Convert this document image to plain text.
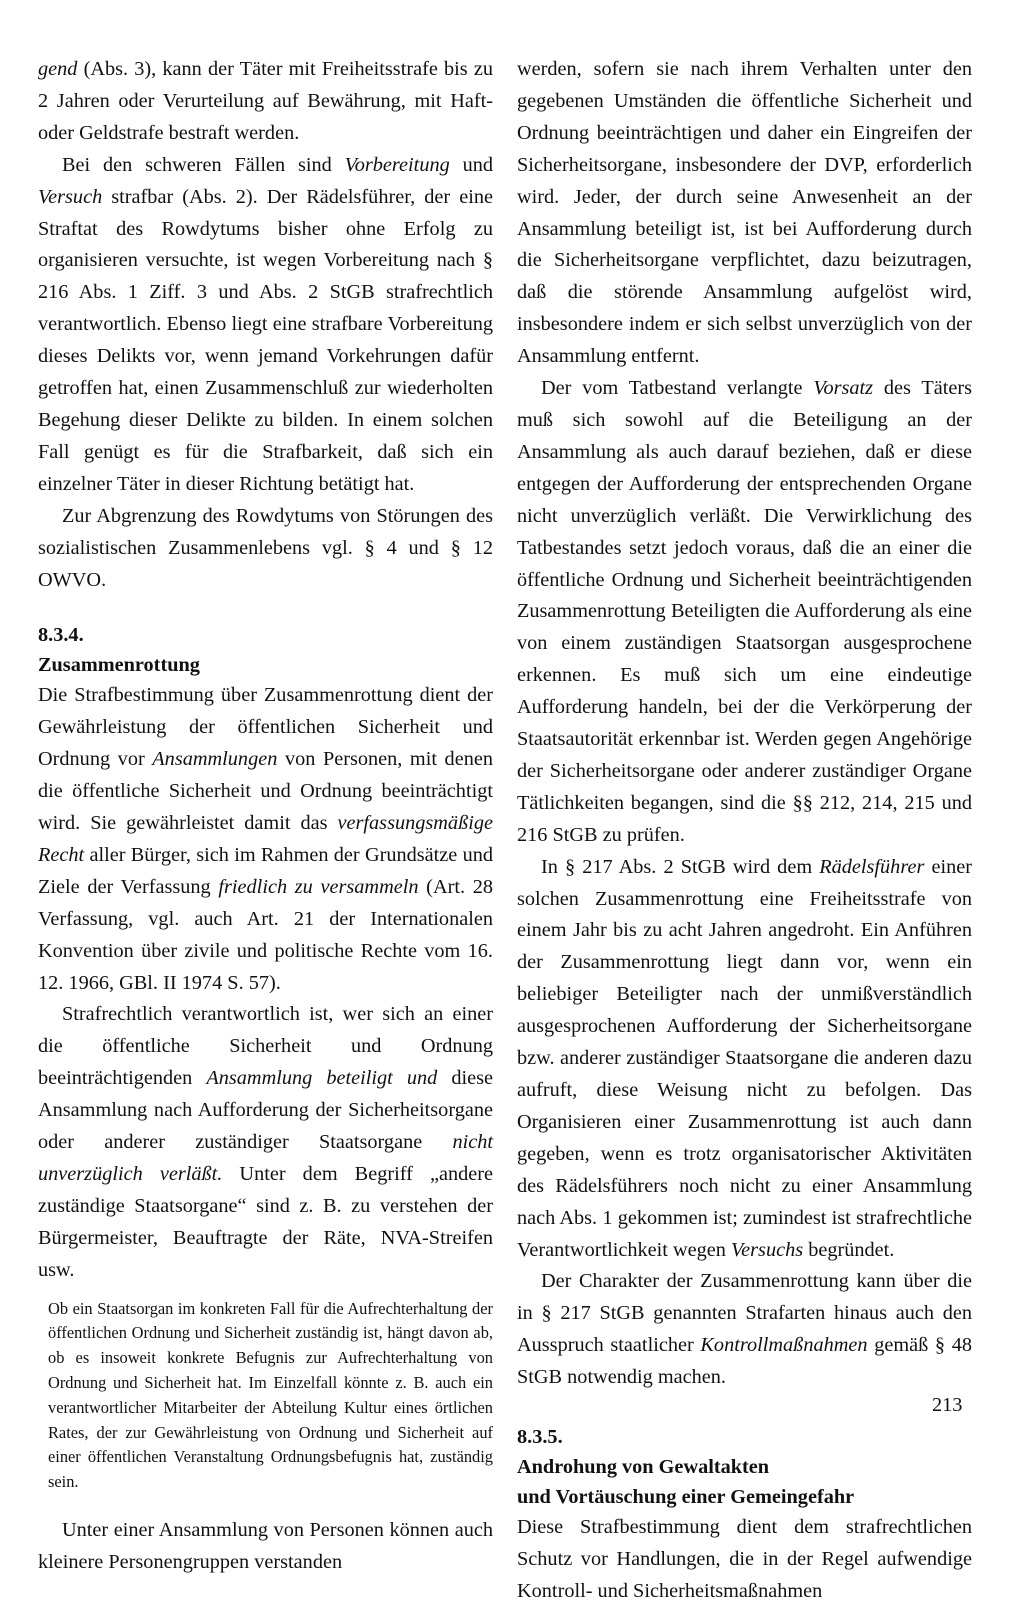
gend (Abs. 3), kann der Täter mit Freiheitsstrafe bis zu 2 Jahren oder Verurteilung auf Bewährung, mit Haft- oder Geldstrafe bestraft werden.

Bei den schweren Fällen sind Vorbereitung und Versuch strafbar (Abs. 2). Der Rädelsführer, der eine Straftat des Rowdytums bisher ohne Erfolg zu organisieren versuchte, ist wegen Vorbereitung nach § 216 Abs. 1 Ziff. 3 und Abs. 2 StGB strafrechtlich verantwortlich. Ebenso liegt eine strafbare Vorbereitung dieses Delikts vor, wenn jemand Vorkehrungen dafür getroffen hat, einen Zusammenschluß zur wiederholten Begehung dieser Delikte zu bilden. In einem solchen Fall genügt es für die Strafbarkeit, daß sich ein einzelner Täter in dieser Richtung betätigt hat.

Zur Abgrenzung des Rowdytums von Störungen des sozialistischen Zusammenlebens vgl. § 4 und § 12 OWVO.

8.3.4.
Zusammenrottung

Die Strafbestimmung über Zusammenrottung dient der Gewährleistung der öffentlichen Sicherheit und Ordnung vor Ansammlungen von Personen, mit denen die öffentliche Sicherheit und Ordnung beeinträchtigt wird. Sie gewährleistet damit das verfassungsmäßige Recht aller Bürger, sich im Rahmen der Grundsätze und Ziele der Verfassung friedlich zu versammeln (Art. 28 Verfassung, vgl. auch Art. 21 der Internationalen Konvention über zivile und politische Rechte vom 16. 12. 1966, GBl. II 1974 S. 57).

Strafrechtlich verantwortlich ist, wer sich an einer die öffentliche Sicherheit und Ordnung beeinträchtigenden Ansammlung beteiligt und diese Ansammlung nach Aufforderung der Sicherheitsorgane oder anderer zuständiger Staatsorgane nicht unverzüglich verläßt. Unter dem Begriff „andere zuständige Staatsorgane“ sind z. B. zu verstehen der Bürgermeister, Beauftragte der Räte, NVA-Streifen usw.

Ob ein Staatsorgan im konkreten Fall für die Aufrechterhaltung der öffentlichen Ordnung und Sicherheit zuständig ist, hängt davon ab, ob es insoweit konkrete Befugnis zur Aufrechterhaltung von Ordnung und Sicherheit hat. Im Einzelfall könnte z. B. auch ein verantwortlicher Mitarbeiter der Abteilung Kultur eines örtlichen Rates, der zur Gewährleistung von Ordnung und Sicherheit auf einer öffentlichen Veranstaltung Ordnungsbefugnis hat, zuständig sein.

Unter einer Ansammlung von Personen können auch kleinere Personengruppen verstanden

werden, sofern sie nach ihrem Verhalten unter den gegebenen Umständen die öffentliche Sicherheit und Ordnung beeinträchtigen und daher ein Eingreifen der Sicherheitsorgane, insbesondere der DVP, erforderlich wird. Jeder, der durch seine Anwesenheit an der Ansammlung beteiligt ist, ist bei Aufforderung durch die Sicherheitsorgane verpflichtet, dazu beizutragen, daß die störende Ansammlung aufgelöst wird, insbesondere indem er sich selbst unverzüglich von der Ansammlung entfernt.

Der vom Tatbestand verlangte Vorsatz des Täters muß sich sowohl auf die Beteiligung an der Ansammlung als auch darauf beziehen, daß er diese entgegen der Aufforderung der entsprechenden Organe nicht unverzüglich verläßt. Die Verwirklichung des Tatbestandes setzt jedoch voraus, daß die an einer die öffentliche Ordnung und Sicherheit beeinträchtigenden Zusammenrottung Beteiligten die Aufforderung als eine von einem zuständigen Staatsorgan ausgesprochene erkennen. Es muß sich um eine eindeutige Aufforderung handeln, bei der die Verkörperung der Staatsautorität erkennbar ist. Werden gegen Angehörige der Sicherheitsorgane oder anderer zuständiger Organe Tätlichkeiten begangen, sind die §§ 212, 214, 215 und 216 StGB zu prüfen.

In § 217 Abs. 2 StGB wird dem Rädelsführer einer solchen Zusammenrottung eine Freiheitsstrafe von einem Jahr bis zu acht Jahren angedroht. Ein Anführen der Zusammenrottung liegt dann vor, wenn ein beliebiger Beteiligter nach der unmißverständlich ausgesprochenen Aufforderung der Sicherheitsorgane bzw. anderer zuständiger Staatsorgane die anderen dazu aufruft, diese Weisung nicht zu befolgen. Das Organisieren einer Zusammenrottung ist auch dann gegeben, wenn es trotz organisatorischer Aktivitäten des Rädelsführers noch nicht zu einer Ansammlung nach Abs. 1 gekommen ist; zumindest ist strafrechtliche Verantwortlichkeit wegen Versuchs begründet.

Der Charakter der Zusammenrottung kann über die in § 217 StGB genannten Strafarten hinaus auch den Ausspruch staatlicher Kontrollmaßnahmen gemäß § 48 StGB notwendig machen.

8.3.5.
Androhung von Gewaltakten
und Vortäuschung einer Gemeingefahr

Diese Strafbestimmung dient dem strafrechtlichen Schutz vor Handlungen, die in der Regel aufwendige Kontroll- und Sicherheitsmaßnahmen

213
